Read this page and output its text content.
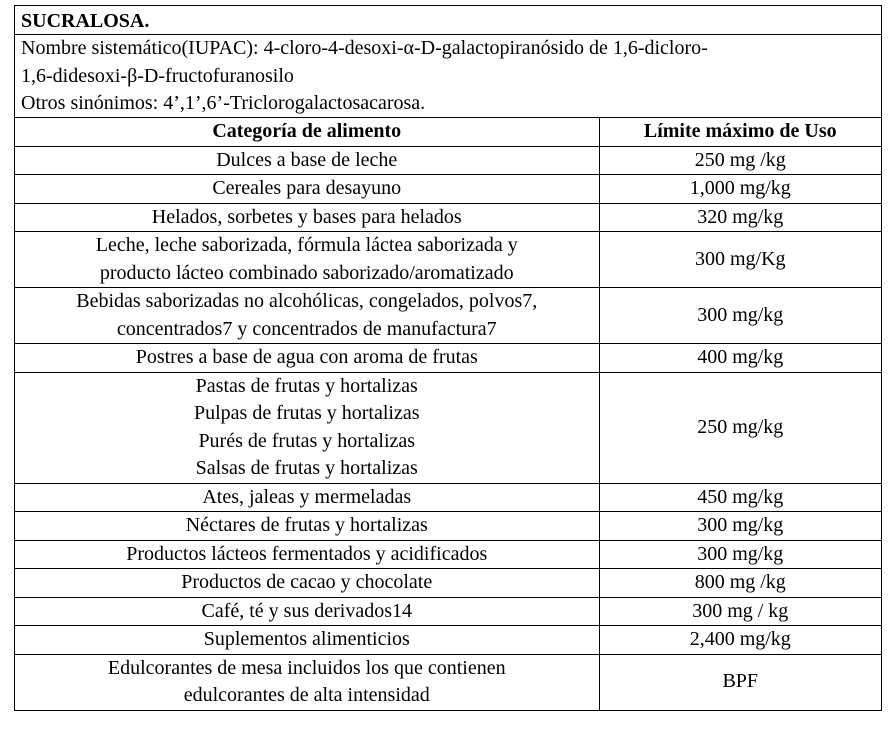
SUCRALOSA.
Nombre sistemático(IUPAC): 4-cloro-4-desoxi-α-D-galactopiranósido de 1,6-dicloro-
1,6-didesoxi-β-D-fructofuranosilo
Otros sinónimos: 4’,1’,6’-Triclorogalactosacarosa.
Categoría de alimento	Límite máximo de Uso

Dulces a base de leche	250 mg /kg

Cereales para desayuno	1,000 mg/kg

Helados, sorbetes y bases para helados	320 mg/kg

Leche, leche saborizada, fórmula láctea saborizada y
producto lácteo combinado saborizado/aromatizado	300 mg/Kg

Bebidas saborizadas no alcohólicas, congelados, polvos7,
concentrados7 y concentrados de manufactura7	300 mg/kg

Postres a base de agua con aroma de frutas	400 mg/kg

Pastas de frutas y hortalizas
Pulpas de frutas y hortalizas
Purés de frutas y hortalizas
Salsas de frutas y hortalizas	250 mg/kg

Ates, jaleas y mermeladas	450 mg/kg

Néctares de frutas y hortalizas	300 mg/kg

Productos lácteos fermentados y acidificados	300 mg/kg

Productos de cacao y chocolate	800 mg /kg

Café, té y sus derivados14	300 mg / kg

Suplementos alimenticios	2,400 mg/kg

Edulcorantes de mesa incluidos los que contienen
edulcorantes de alta intensidad	BPF
